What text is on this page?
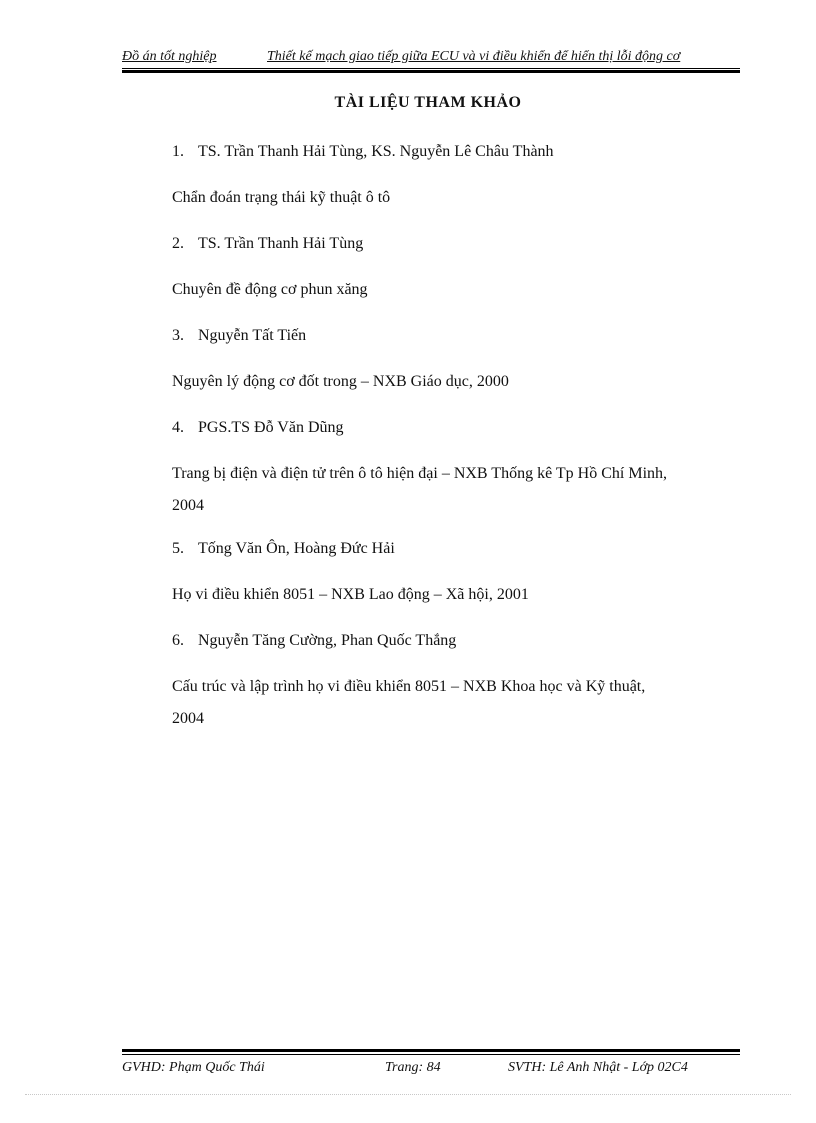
Đồ án tốt nghiệp	Thiết kế mạch giao tiếp giữa ECU và vi điều khiển để hiển thị lỗi động cơ
TÀI LIỆU THAM KHẢO
1. TS. Trần Thanh Hải Tùng, KS. Nguyễn Lê Châu Thành
Chẩn đoán trạng thái kỹ thuật ô tô
2. TS. Trần Thanh Hải Tùng
Chuyên đề động cơ phun xăng
3. Nguyễn Tất Tiến
Nguyên lý động cơ đốt trong – NXB Giáo dục, 2000
4. PGS.TS Đỗ Văn Dũng
Trang bị điện và điện tử trên ô tô hiện đại – NXB Thống kê Tp Hồ Chí Minh,
2004
5. Tống Văn Ôn, Hoàng Đức Hải
Họ vi điều khiển 8051 – NXB Lao động – Xã hội, 2001
6. Nguyễn Tăng Cường, Phan Quốc Thắng
Cấu trúc và lập trình họ vi điều khiển 8051 – NXB Khoa học và Kỹ thuật,
2004
GVHD: Phạm Quốc Thái	Trang: 84	SVTH: Lê Anh Nhật - Lớp 02C4
